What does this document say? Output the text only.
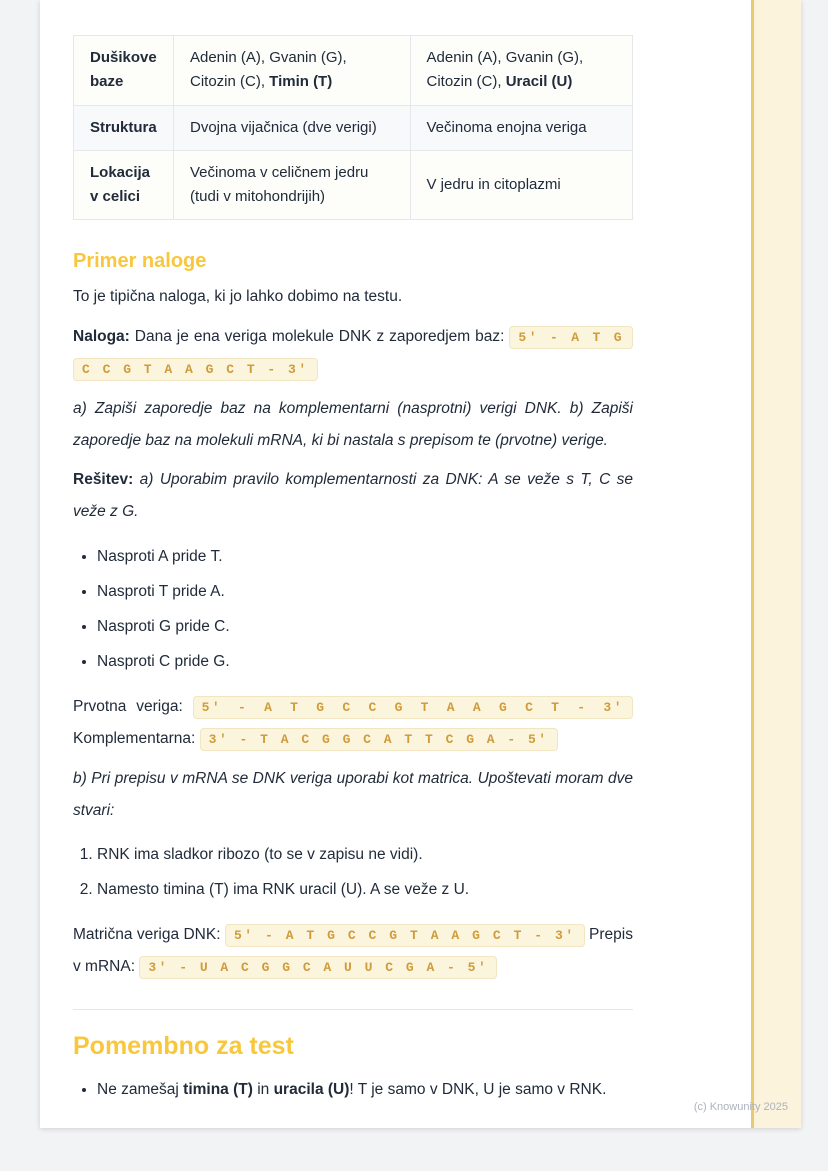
Dušikove baze	Adenin (A), Gvanin (G), Citozin (C), Timin (T)	Adenin (A), Gvanin (G), Citozin (C), Uracil (U)
Struktura	Dvojna vijačnica (dve verigi)	Večinoma enojna veriga
Lokacija v celici	Večinoma v celičnem jedru (tudi v mitohondrijih)	V jedru in citoplazmi
Primer naloge

To je tipična naloga, ki jo lahko dobimo na testu.

Naloga: Dana je ena veriga molekule DNK z zaporedjem baz: 5' - A T G C C G T A A G C T - 3'

a) Zapiši zaporedje baz na komplementarni (nasprotni) verigi DNK. b) Zapiši zaporedje baz na molekuli mRNA, ki bi nastala s prepisom te (prvotne) verige.

Rešitev: a) Uporabim pravilo komplementarnosti za DNK: A se veže s T, C se veže z G.

• Nasproti A pride T.
• Nasproti T pride A.
• Nasproti G pride C.
• Nasproti C pride G.

Prvotna veriga: 5' - A T G C C G T A A G C T - 3' Komplementarna: 3' - T A C G G C A T T C G A - 5'

b) Pri prepisu v mRNA se DNK veriga uporabi kot matrica. Upoštevati moram dve stvari:

1. RNK ima sladkor ribozo (to se v zapisu ne vidi).
2. Namesto timina (T) ima RNK uracil (U). A se veže z U.

Matrična veriga DNK: 5' - A T G C C G T A A G C T - 3' Prepis v mRNA: 3' - U A C G G C A U U C G A - 5'

Pomembno za test
• Ne zamešaj timina (T) in uracila (U)! T je samo v DNK, U je samo v RNK.
(c) Knowunity 2025
